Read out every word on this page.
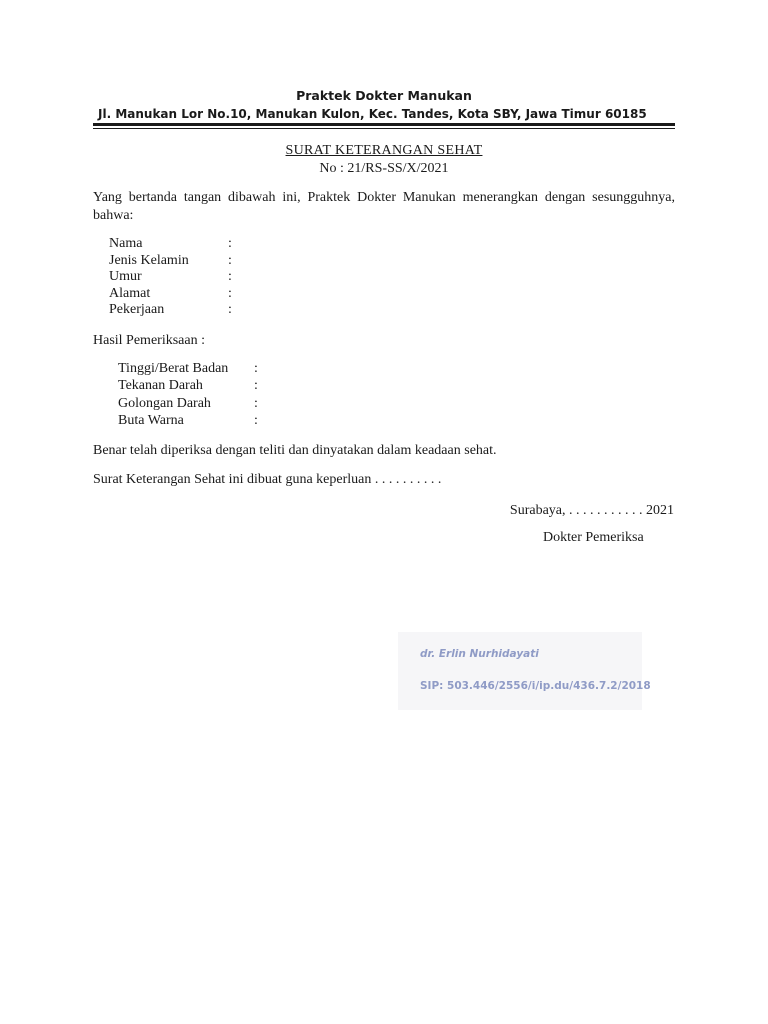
Praktek Dokter Manukan
Jl. Manukan Lor No.10, Manukan Kulon, Kec. Tandes, Kota SBY, Jawa Timur 60185
SURAT KETERANGAN SEHAT
No : 21/RS-SS/X/2021
Yang bertanda tangan dibawah ini, Praktek Dokter Manukan menerangkan dengan sesungguhnya, bahwa:
Nama	:
Jenis Kelamin	:
Umur	:
Alamat	:
Pekerjaan	:
Hasil Pemeriksaan :
Tinggi/Berat Badan :
Tekanan Darah	:
Golongan Darah	:
Buta Warna	:
Benar telah diperiksa dengan teliti dan dinyatakan dalam keadaan sehat.
Surat Keterangan Sehat ini dibuat guna keperluan . . . . . . . . . .
Surabaya, . . . . . . . . . . . 2021
Dokter Pemeriksa
dr. Erlin Nurhidayati
SIP: 503.446/2556/i/ip.du/436.7.2/2018
